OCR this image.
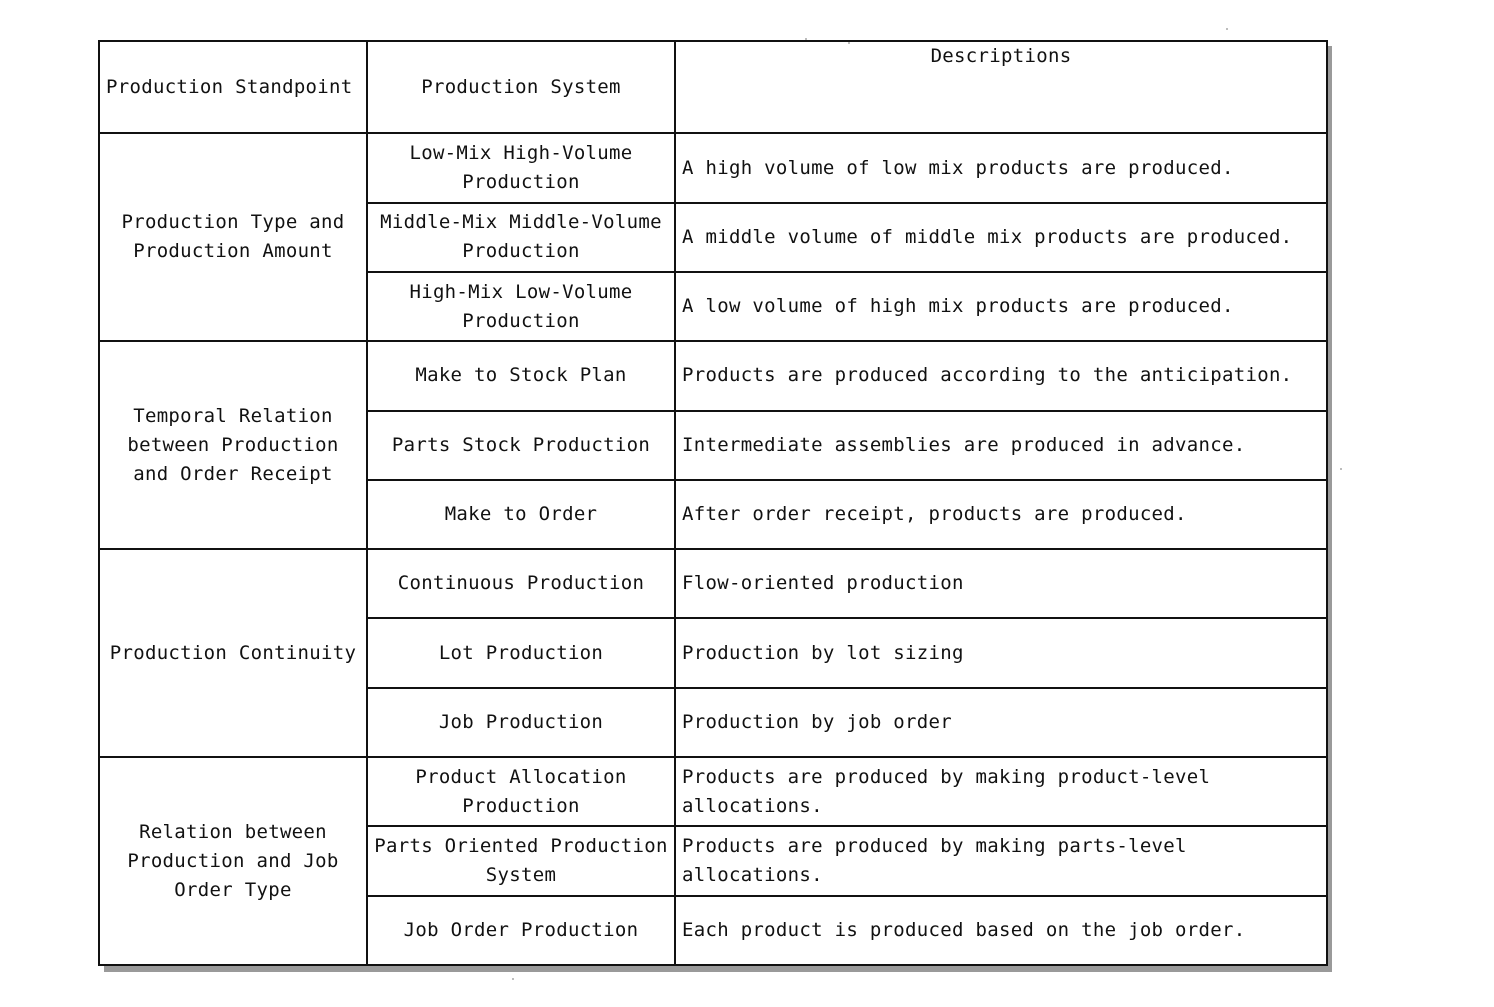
Production Standpoint	Production System	Descriptions
Production Type and Production Amount	Low-Mix High-Volume Production	A high volume of low mix products are produced.
	Middle-Mix Middle-Volume Production	A middle volume of middle mix products are produced.
	High-Mix Low-Volume Production	A low volume of high mix products are produced.
Temporal Relation between Production and Order Receipt	Make to Stock Plan	Products are produced according to the anticipation.
	Parts Stock Production	Intermediate assemblies are produced in advance.
	Make to Order	After order receipt, products are produced.
Production Continuity	Continuous Production	Flow-oriented production
	Lot Production	Production by lot sizing
	Job Production	Production by job order
Relation between Production and Job Order Type	Product Allocation Production	Products are produced by making product-level allocations.
	Parts Oriented Production System	Products are produced by making parts-level allocations.
	Job Order Production	Each product is produced based on the job order.
